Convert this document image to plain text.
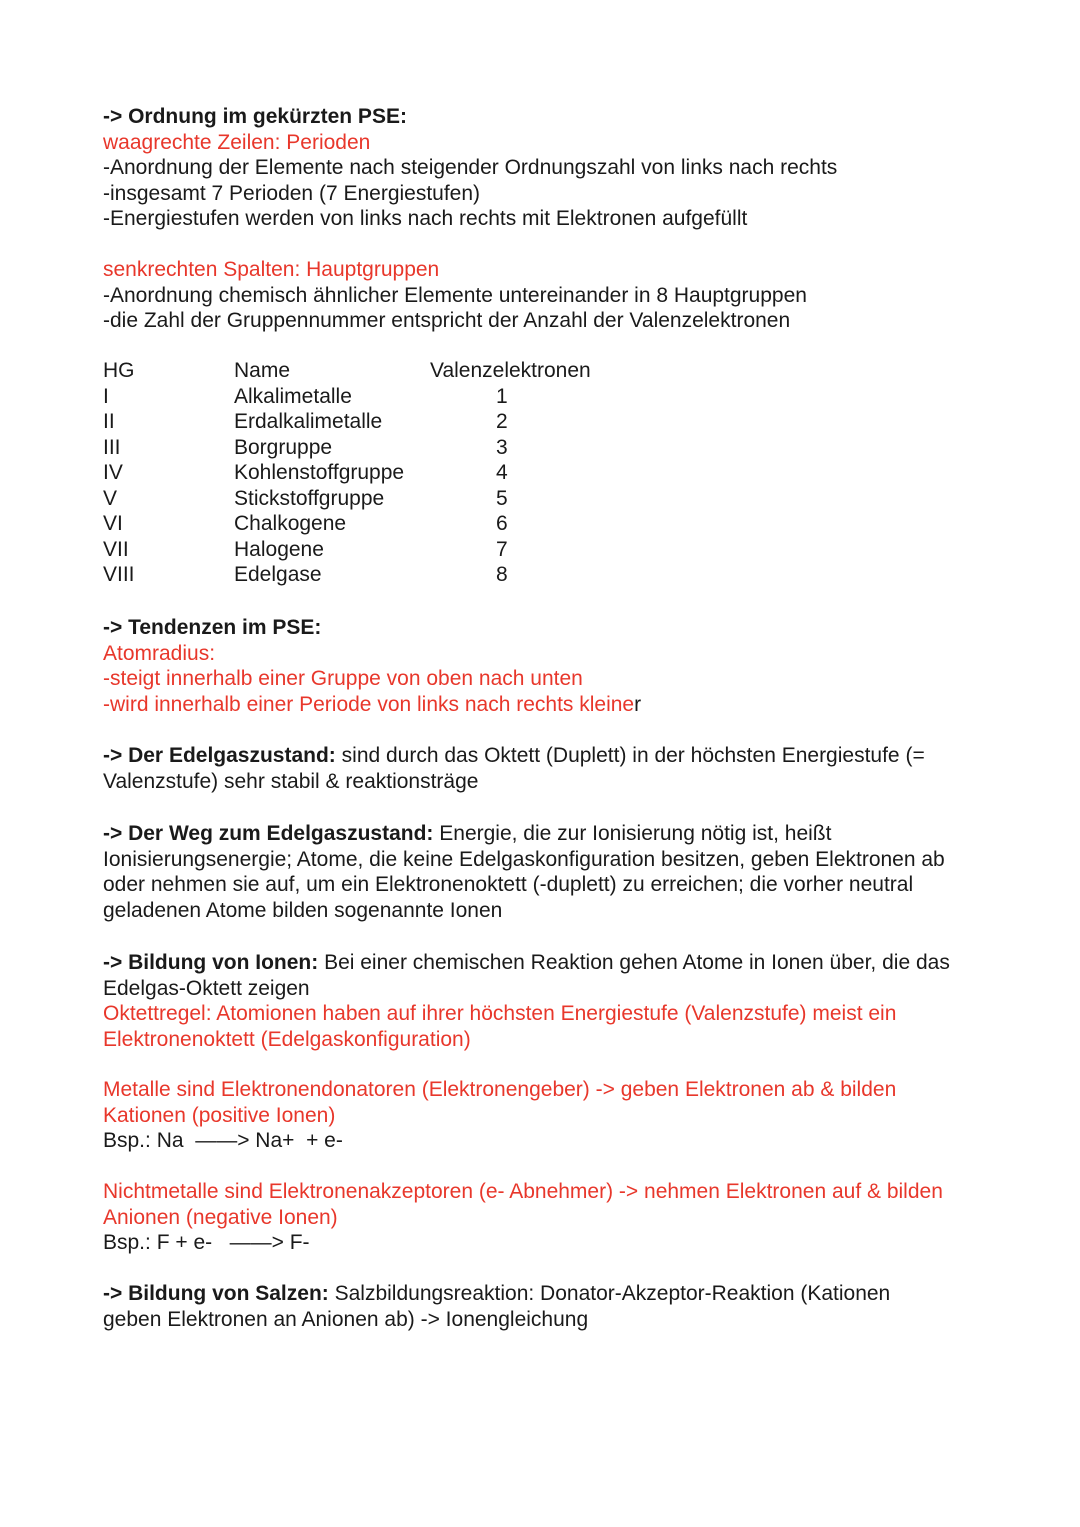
-> Ordnung im gekürzten PSE:
waagrechte Zeilen: Perioden
-Anordnung der Elemente nach steigender Ordnungszahl von links nach rechts
-insgesamt 7 Perioden (7 Energiestufen)
-Energiestufen werden von links nach rechts mit Elektronen aufgefüllt
senkrechten Spalten: Hauptgruppen
-Anordnung chemisch ähnlicher Elemente untereinander in 8 Hauptgruppen
-die Zahl der Gruppennummer entspricht der Anzahl der Valenzelektronen
HG	Name	Valenzelektronen
I	Alkalimetalle	1
II	Erdalkalimetalle	2
III	Borgruppe	3
IV	Kohlenstoffgruppe	4
V	Stickstoffgruppe	5
VI	Chalkogene	6
VII	Halogene	7
VIII	Edelgase	8
-> Tendenzen im PSE:
Atomradius:
-steigt innerhalb einer Gruppe von oben nach unten
-wird innerhalb einer Periode von links nach rechts kleiner
-> Der Edelgaszustand: sind durch das Oktett (Duplett) in der höchsten Energiestufe (= Valenzstufe) sehr stabil & reaktionsträge
-> Der Weg zum Edelgaszustand: Energie, die zur Ionisierung nötig ist, heißt Ionisierungsenergie; Atome, die keine Edelgaskonfiguration besitzen, geben Elektronen ab oder nehmen sie auf, um ein Elektronenoktett (-duplett) zu erreichen; die vorher neutral geladenen Atome bilden sogenannte Ionen
-> Bildung von Ionen: Bei einer chemischen Reaktion gehen Atome in Ionen über, die das Edelgas-Oktett zeigen
Oktettregel: Atomionen haben auf ihrer höchsten Energiestufe (Valenzstufe) meist ein Elektronenoktett (Edelgaskonfiguration)
Metalle sind Elektronendonatoren (Elektronengeber) -> geben Elektronen ab & bilden Kationen (positive Ionen)
Bsp.: Na  ——> Na+  + e-
Nichtmetalle sind Elektronenakzeptoren (e- Abnehmer) -> nehmen Elektronen auf & bilden Anionen (negative Ionen)
Bsp.: F + e-   ——> F-
-> Bildung von Salzen: Salzbildungsreaktion: Donator-Akzeptor-Reaktion (Kationen geben Elektronen an Anionen ab) -> Ionengleichung
